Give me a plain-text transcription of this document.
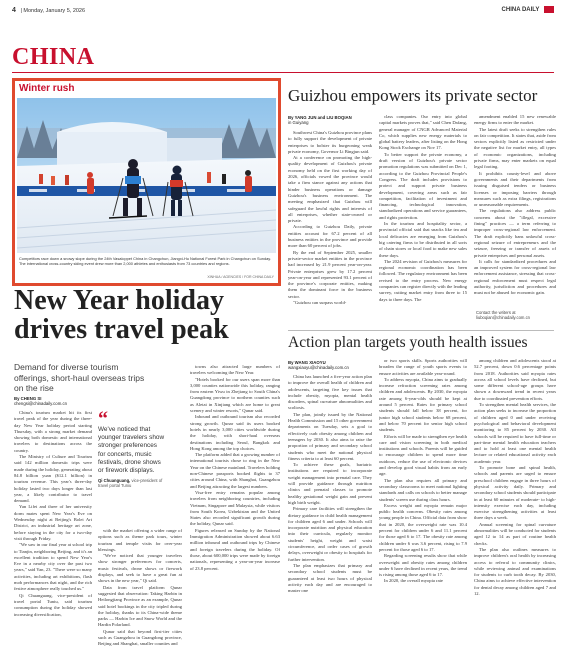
4 | Monday, January 5, 2026	CHINA DAILY
CHINA
Winter rush
Competitors race down a snowy slope during the 24th Vasaloppet China in Changchun, Jiangxi-Hu National Forest Park in Changchun on Sunday. The international cross-country skiing event drew more than 2,000 athletes and enthusiasts from 73 countries and regions.
XINHUA / AGENCIES / FOR CHINA DAILY
Guizhou empowers its private sector
By YANG JUN and LIU BOQIAN
in Guiyang

Southwest China's Guizhou province plans to fully support the development of private enterprises to bolster its burgeoning weak private economy, Governor Li Bingjun said.

At a conference on promoting the high-quality development of Guizhou's private economy held on the first working day of 2026, officials vowed the province would take a firm stance against any actions that hinder business operations or damage Guizhou's business environment. The meeting emphasized that Guizhou will safeguard the lawful rights and interests of all enterprises, whether state-owned or private.

According to Guizhou Daily, private entities account for 67.2 percent of all business entities in the province and provide more than 60 percent of jobs.

By the end of September 2025, smaller private-sector market entities in the province had increased by 21.9 percent year-on-year. Private enterprises grew by 17.2 percent year-on-year and represented 93.1 percent of the province's corporate entities, making them the dominant force in the business sector.

"Guizhou can surpass world-

class companies. Our entry into global capital markets proves that," said Chen Dafang, general manager of CNGR Advanced Material Co, which supplies new energy materials to global battery leaders, after listing on the Hong Kong Stock Exchange on Nov 17.

To better support the private economy, a draft version of Guizhou's private sector promotion regulations was submitted on Dec 1, according to the Guizhou Provincial People's Congress. The draft includes provisions to protect and support private business development, covering areas such as fair competition, facilitation of investment and financing, technological innovation, standardized operations and service guarantees, and rights protection.

In the tourism and hospitality sector, a provincial official said that snacks like tea and local delicacies are emerging from Guizhou's big catering firms to be distributed in all sorts of chain stores or local food to make new sales these days.

The 2024 revision of Guizhou's measures for regional economic coordination has been followed. The regulatory environment has been revised to the entry process. New energy companies can register directly with the leading survey, cutting market entry from three to 15 days to three days. The

amendment enabled 15 new renewable energy firms to enter the market.

The latest draft seeks to strengthen rules on fair competition. It states that, aside from sectors explicitly listed as restricted under the negative list for market entry, all types of economic organizations, including private firms, may enter markets on equal legal footing.

It prohibits county-level and above governments and their departments from issuing disguised tenders or business licenses or imposing barriers through measures such as extra filings, registrations or unreasonable requirements.

The regulations also address public concerns about the "illegal, excessive fining" practices — a term referring to improper cross-regional law enforcement. The draft explicitly bans unlawful cross-regional seizure of entrepreneurs and the seizure, freezing or transfer of assets of private enterprises and personal assets.

It calls for standardized procedures and an improved system for cross-regional law enforcement assistance, stressing that cross-regional enforcement must respect legal authority, jurisdiction and procedures and must not be abused for economic gain.

Contact the writers at liuboqian@chinadaily.com.cn
New Year holiday drives travel peak
Demand for diverse tourism offerings, short-haul overseas trips on the rise
By CHENG SI
chengsi@chinadaily.com.cn

China's tourism market hit its first travel peak of the year during the three-day New Year holiday period starting Thursday, with a strong market demand showing both domestic and international travelers to destinations across the country.

The Ministry of Culture and Tourism said 142 million domestic trips were made during the holiday, generating about 84.8 billion yuan ($12.1 billion) in tourism revenue. This year's three-day holiday lasted two days longer than last year, a likely contributor to travel demand.

Yan Lifei and three of her university dorm mates spent New Year's Eve on Wednesday night at Beijing's Bolei Art District, an industrial heritage art zone, before staying in the city for a two-day visit through Friday.

"We saw in our final year at school trip to Tianjin, neighboring Beijing, and it's an excellent tradition to spend New Year's Eve in a nearby city over the past two years," said Yan, 23. "There were so many activities, including art exhibitions, flash mob performances that night, and the rich festive atmosphere really touched us."

Qi Chuanguang, vice-president of travel portal Tuniu, said tourism consumption during the holiday showed increasing diversification,

“
We've noticed that younger travelers show stronger preferences for concerts, music festivals, drone shows or firework displays.
Qi Chuanguang, vice-president of travel portal Tuniu

with the market offering a wider range of options such as theme park tours, winter tourism and temple visits for over-year blessings.

"We've noticed that younger travelers show stronger preferences for concerts, music festivals, drone shows or firework displays, and seek to have a great fun at shows in the new year," Qi said.

Data from travel platform Qunar suggested that observation: Taking Harbin in Heilongjiang Province as an example, Qunar said hotel bookings in the city tripled during the holiday, thanks to its China-wide theme parks — Harbin Ice and Snow World and the Hardin Polarland.

Qunar said that beyond first-tier cities such as Guangzhou in Guangdong province, Beijing and Shanghai, smaller counties and

towns also attracted large numbers of travelers welcoming the New Year.

"Hotels booked for our users span more than 3,000 counties nationwide this holiday, ranging from eastern Yiwu in Zhejiang to South China's Guangdong province to northern counties such as Aletai in Xinjiang which are home to great scenery and winter resorts," Qunar said.

Inbound and outbound tourism also recorded strong growth. Qunar said its users booked hotels in nearly 3,000 cities worldwide during the holiday, with short-haul overseas destinations including Seoul, Bangkok and Hong Kong among the top choices.

The platform added that a growing number of international tourists chose to ring in the New Year on the Chinese mainland. Travelers holding non-Chinese passports booked flights to 37 cities around China, with Shanghai, Guangzhou and Beijing attracting the largest numbers.

Visa-free entry remains popular among travelers from neighboring countries, including Vietnam, Singapore and Malaysia, while visitors from South Korea, Uzbekistan and the United States also recorded significant growth during the holiday, Qunar said.

Figures released on Sunday by the National Immigration Administration showed about 6.63 million inbound and outbound trips by Chinese and foreign travelers during the holiday. Of those, about 600,000 trips were made by foreign nationals, representing a year-on-year increase of 23.8 percent.

Action plan targets youth health issues
By WANG XIAOYU
wangxiaoyu@chinadaily.com.cn

China has launched a five-year action plan to improve the overall health of children and adolescents, targeting five key issues that include obesity, myopia, mental health disorders, spinal curvature abnormalities and scoliosis.

The plan, jointly issued by the National Health Commission and 15 other government departments on Tuesday, sets a goal to effectively curb obesity among children and teenagers by 2030. It also aims to raise the proportion of primary and secondary school students who meet the national physical fitness criteria to at least 60 percent.

To achieve these goals, bariatric institutions are required to incorporate weight management into prenatal care. They will provide guidance through nutrition clinics and prenatal classes to promote healthy gestational weight gain and prevent high birth weight.

Primary care facilities will strengthen the dietary guidance in child health management for children aged 6 and under. Schools will incorporate nutrition and physical education into their curricula, regularly monitor students' height, weight and waist circumference, and order cases of growth delays, overweight or obesity to hospitals for further intervention.

The plan emphasizes that primary and secondary school students must be guaranteed at least two hours of physical activity each day and are encouraged to master one

or two sports skills. Sports authorities will broaden the range of youth sports events to ensure activities are available year-round.

To address myopia, China aims to gradually increase refraction screening rates among children and adolescents. By 2030, the myopia rate among 6-year-olds should be kept at around 5 percent. Rates for primary school students should fall below 38 percent, for junior high school students below 68 percent, and below 70 percent for senior high school students.

Efforts will be made to strengthen eye health care and vision screening in both medical institutions and schools. Parents will be guided to encourage children to spend more time outdoors, reduce the use of electronic devices and develop good visual habits from an early age.

The plan also requires all primary and secondary classrooms to meet national lighting standards and calls on schools to better manage students' screen use during class hours.

Excess weight and myopia remain major public health concerns. Obesity rates among young people in China. Official data from show that in 2020, the overweight rate was 10.4 percent for children under 6 and 11.1 percent for those aged 6 to 17. The obesity rate among children under 6 was 3.6 percent, rising to 7.9 percent for those aged 6 to 17.

Regarding screening results show that while overweight and obesity rates among children under 6 have declined in recent years, the trend is rising among those aged 6 to 17.

In 2020, the overall myopia rate

among children and adolescents stood at 52.7 percent, down 0.6 percentage points from 2018. Authorities said myopia rates across all school levels have declined, but some different school-age groups have shown a downward trend in recent years due to coordinated prevention efforts.

To strengthen mental health services, the action plan seeks to increase the proportion of children aged 0 and under receiving psychological and behavioral development monitoring to 85 percent by 2030. All schools will be required to have full-time or part-time mental health education teachers and to hold at least one mental health lecture or related educational activity each academic year.

To promote bone and spinal health, schools and parents are urged to ensure preschool children engage in three hours of physical activity daily. Primary and secondary school students should participate in at least 60 minutes of moderate- to high-intensity exercise each day, including exercise strengthening activities at least three days a week.

Annual screening for spinal curvature abnormalities will be conducted for students aged 12 to 14 as part of routine health checks.

The plan also outlines measures to improve children's oral health by increasing access to referral to community clinics, while reviewing animal and examinations for students to curb tooth decay. By 2030, China aims to achieve effective intervention for dental decay among children aged 7 and 12.
